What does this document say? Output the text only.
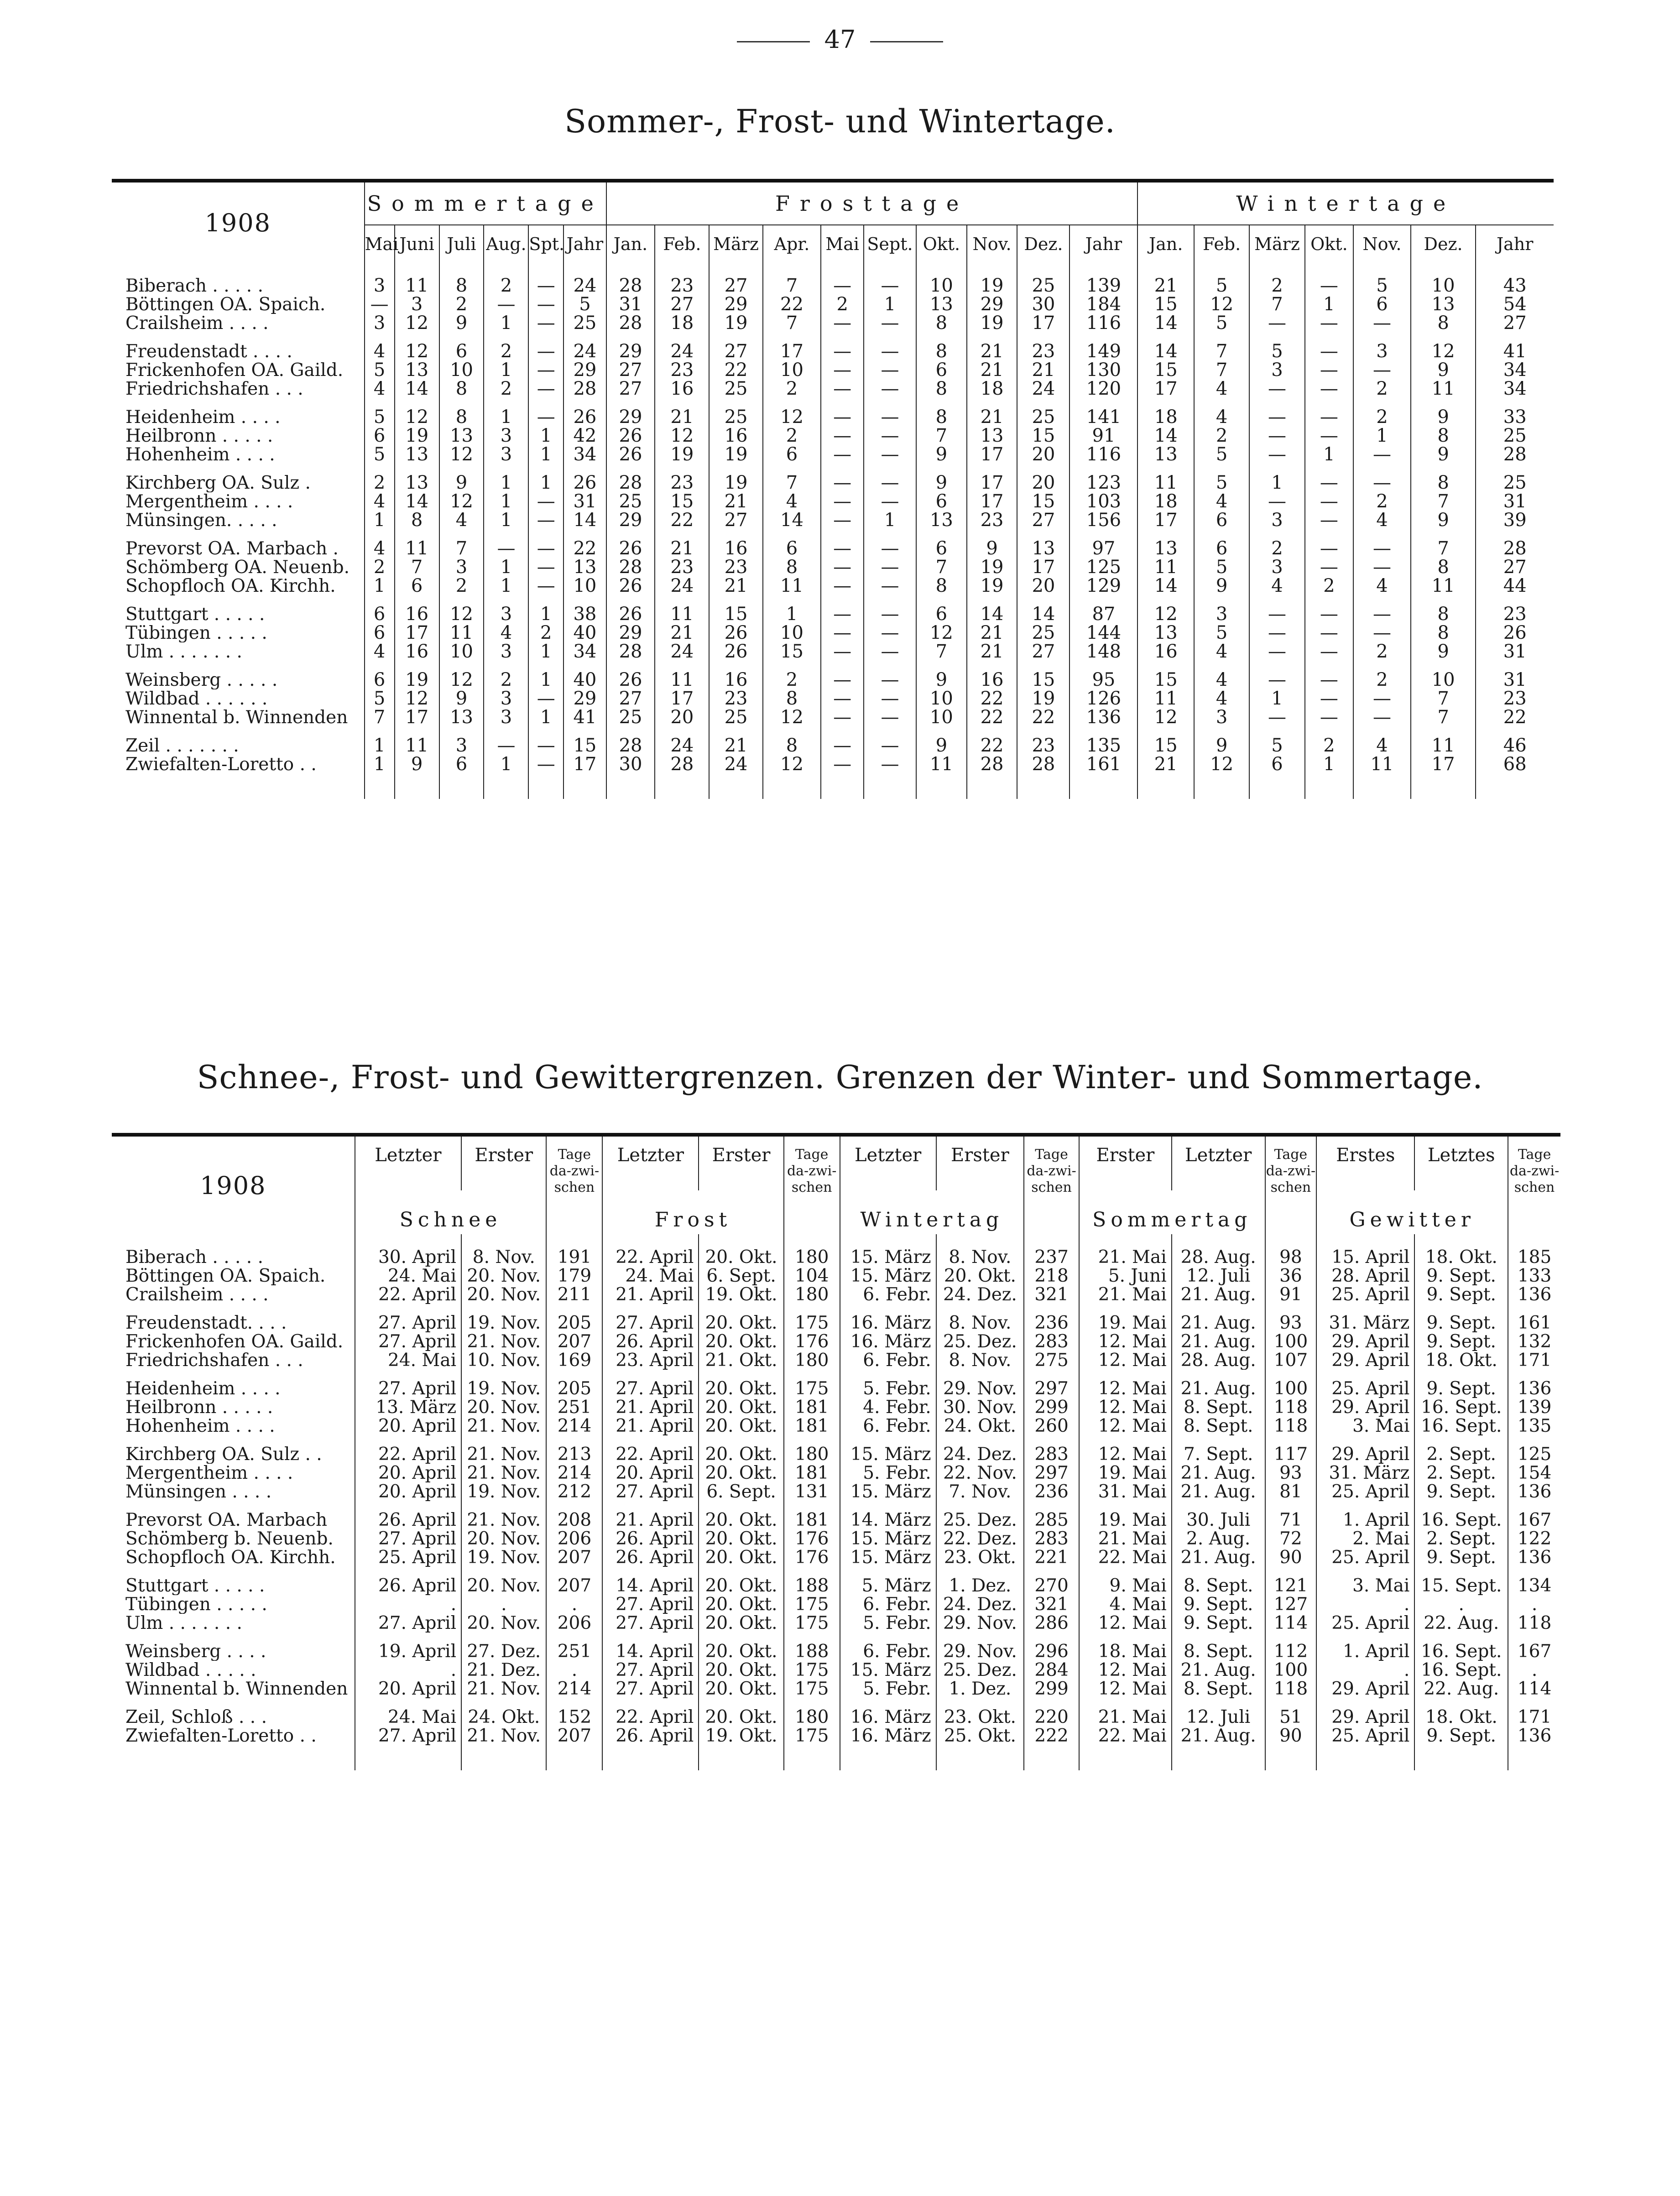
47
Sommer-, Frost- und Wintertage.
1908	Sommertage						Frosttage										Wintertage						
	Mai	Juni	Juli	Aug.	Spt.	Jahr	Jan.	Feb.	März	Apr.	Mai	Sept.	Okt.	Nov.	Dez.	Jahr	Jan.	Feb.	März	Okt.	Nov.	Dez.	Jahr

Biberach . . . . .	3	11	8	2	—	24	28	23	27	7	—	—	10	19	25	139	21	5	2	—	5	10	43
Böttingen OA. Spaich.	—	3	2	—	—	5	31	27	29	22	2	1	13	29	30	184	15	12	7	1	6	13	54
Crailsheim . . . .	3	12	9	1	—	25	28	18	19	7	—	—	8	19	17	116	14	5	—	—	—	8	27

Freudenstadt . . . .	4	12	6	2	—	24	29	24	27	17	—	—	8	21	23	149	14	7	5	—	3	12	41
Frickenhofen OA. Gaild.	5	13	10	1	—	29	27	23	22	10	—	—	6	21	21	130	15	7	3	—	—	9	34
Friedrichshafen . . .	4	14	8	2	—	28	27	16	25	2	—	—	8	18	24	120	17	4	—	—	2	11	34

Heidenheim . . . .	5	12	8	1	—	26	29	21	25	12	—	—	8	21	25	141	18	4	—	—	2	9	33
Heilbronn . . . . .	6	19	13	3	1	42	26	12	16	2	—	—	7	13	15	91	14	2	—	—	1	8	25
Hohenheim . . . .	5	13	12	3	1	34	26	19	19	6	—	—	9	17	20	116	13	5	—	1	—	9	28

Kirchberg OA. Sulz .	2	13	9	1	1	26	28	23	19	7	—	—	9	17	20	123	11	5	1	—	—	8	25
Mergentheim . . . .	4	14	12	1	—	31	25	15	21	4	—	—	6	17	15	103	18	4	—	—	2	7	31
Münsingen. . . . .	1	8	4	1	—	14	29	22	27	14	—	1	13	23	27	156	17	6	3	—	4	9	39

Prevorst OA. Marbach .	4	11	7	—	—	22	26	21	16	6	—	—	6	9	13	97	13	6	2	—	—	7	28
Schömberg OA. Neuenb.	2	7	3	1	—	13	28	23	23	8	—	—	7	19	17	125	11	5	3	—	—	8	27
Schopfloch OA. Kirchh.	1	6	2	1	—	10	26	24	21	11	—	—	8	19	20	129	14	9	4	2	4	11	44

Stuttgart . . . . .	6	16	12	3	1	38	26	11	15	1	—	—	6	14	14	87	12	3	—	—	—	8	23
Tübingen . . . . .	6	17	11	4	2	40	29	21	26	10	—	—	12	21	25	144	13	5	—	—	—	8	26
Ulm . . . . . . .	4	16	10	3	1	34	28	24	26	15	—	—	7	21	27	148	16	4	—	—	2	9	31

Weinsberg . . . . .	6	19	12	2	1	40	26	11	16	2	—	—	9	16	15	95	15	4	—	—	2	10	31
Wildbad . . . . . .	5	12	9	3	—	29	27	17	23	8	—	—	10	22	19	126	11	4	1	—	—	7	23
Winnental b. Winnenden	7	17	13	3	1	41	25	20	25	12	—	—	10	22	22	136	12	3	—	—	—	7	22

Zeil . . . . . . .	1	11	3	—	—	15	28	24	21	8	—	—	9	22	23	135	15	9	5	2	4	11	46
Zwiefalten-Loretto . .	1	9	6	1	—	17	30	28	24	12	—	—	11	28	28	161	21	12	6	1	11	17	68

Schnee-, Frost- und Gewittergrenzen. Grenzen der Winter- und Sommertage.
1908	Letzter	Erster	Tage da-zwi-schen	Letzter	Erster	Tage da-zwi-schen	Letzter	Erster	Tage da-zwi-schen	Erster	Letzter	Tage da-zwi-schen	Erstes	Letztes	Tage da-zwi-schen
	Schnee			Frost			Wintertag			Sommertag			Gewitter		

Biberach . . . . .	30. April	8. Nov.	191	22. April	20. Okt.	180	15. März	8. Nov.	237	21. Mai	28. Aug.	98	15. April	18. Okt.	185
Böttingen OA. Spaich.	24. Mai	20. Nov.	179	24. Mai	6. Sept.	104	15. März	20. Okt.	218	5. Juni	12. Juli	36	28. April	9. Sept.	133
Crailsheim . . . .	22. April	20. Nov.	211	21. April	19. Okt.	180	6. Febr.	24. Dez.	321	21. Mai	21. Aug.	91	25. April	9. Sept.	136

Freudenstadt. . . .	27. April	19. Nov.	205	27. April	20. Okt.	175	16. März	8. Nov.	236	19. Mai	21. Aug.	93	31. März	9. Sept.	161
Frickenhofen OA. Gaild.	27. April	21. Nov.	207	26. April	20. Okt.	176	16. März	25. Dez.	283	12. Mai	21. Aug.	100	29. April	9. Sept.	132
Friedrichshafen . . .	24. Mai	10. Nov.	169	23. April	21. Okt.	180	6. Febr.	8. Nov.	275	12. Mai	28. Aug.	107	29. April	18. Okt.	171

Heidenheim . . . .	27. April	19. Nov.	205	27. April	20. Okt.	175	5. Febr.	29. Nov.	297	12. Mai	21. Aug.	100	25. April	9. Sept.	136
Heilbronn . . . . .	13. März	20. Nov.	251	21. April	20. Okt.	181	4. Febr.	30. Nov.	299	12. Mai	8. Sept.	118	29. April	16. Sept.	139
Hohenheim . . . .	20. April	21. Nov.	214	21. April	20. Okt.	181	6. Febr.	24. Okt.	260	12. Mai	8. Sept.	118	3. Mai	16. Sept.	135

Kirchberg OA. Sulz . .	22. April	21. Nov.	213	22. April	20. Okt.	180	15. März	24. Dez.	283	12. Mai	7. Sept.	117	29. April	2. Sept.	125
Mergentheim . . . .	20. April	21. Nov.	214	20. April	20. Okt.	181	5. Febr.	22. Nov.	297	19. Mai	21. Aug.	93	31. März	2. Sept.	154
Münsingen . . . .	20. April	19. Nov.	212	27. April	6. Sept.	131	15. März	7. Nov.	236	31. Mai	21. Aug.	81	25. April	9. Sept.	136

Prevorst OA. Marbach	26. April	21. Nov.	208	21. April	20. Okt.	181	14. März	25. Dez.	285	19. Mai	30. Juli	71	1. April	16. Sept.	167
Schömberg b. Neuenb.	27. April	20. Nov.	206	26. April	20. Okt.	176	15. März	22. Dez.	283	21. Mai	2. Aug.	72	2. Mai	2. Sept.	122
Schopfloch OA. Kirchh.	25. April	19. Nov.	207	26. April	20. Okt.	176	15. März	23. Okt.	221	22. Mai	21. Aug.	90	25. April	9. Sept.	136

Stuttgart . . . . .	26. April	20. Nov.	207	14. April	20. Okt.	188	5. März	1. Dez.	270	9. Mai	8. Sept.	121	3. Mai	15. Sept.	134
Tübingen . . . . .	.	.	.	27. April	20. Okt.	175	6. Febr.	24. Dez.	321	4. Mai	9. Sept.	127	.	.	.
Ulm . . . . . . .	27. April	20. Nov.	206	27. April	20. Okt.	175	5. Febr.	29. Nov.	286	12. Mai	9. Sept.	114	25. April	22. Aug.	118

Weinsberg . . . .	19. April	27. Dez.	251	14. April	20. Okt.	188	6. Febr.	29. Nov.	296	18. Mai	8. Sept.	112	1. April	16. Sept.	167
Wildbad . . . . .	.	21. Dez.	.	27. April	20. Okt.	175	15. März	25. Dez.	284	12. Mai	21. Aug.	100	.	16. Sept.	.
Winnental b. Winnenden	20. April	21. Nov.	214	27. April	20. Okt.	175	5. Febr.	1. Dez.	299	12. Mai	8. Sept.	118	29. April	22. Aug.	114

Zeil, Schloß . . .	24. Mai	24. Okt.	152	22. April	20. Okt.	180	16. März	23. Okt.	220	21. Mai	12. Juli	51	29. April	18. Okt.	171
Zwiefalten-Loretto . .	27. April	21. Nov.	207	26. April	19. Okt.	175	16. März	25. Okt.	222	22. Mai	21. Aug.	90	25. April	9. Sept.	136
